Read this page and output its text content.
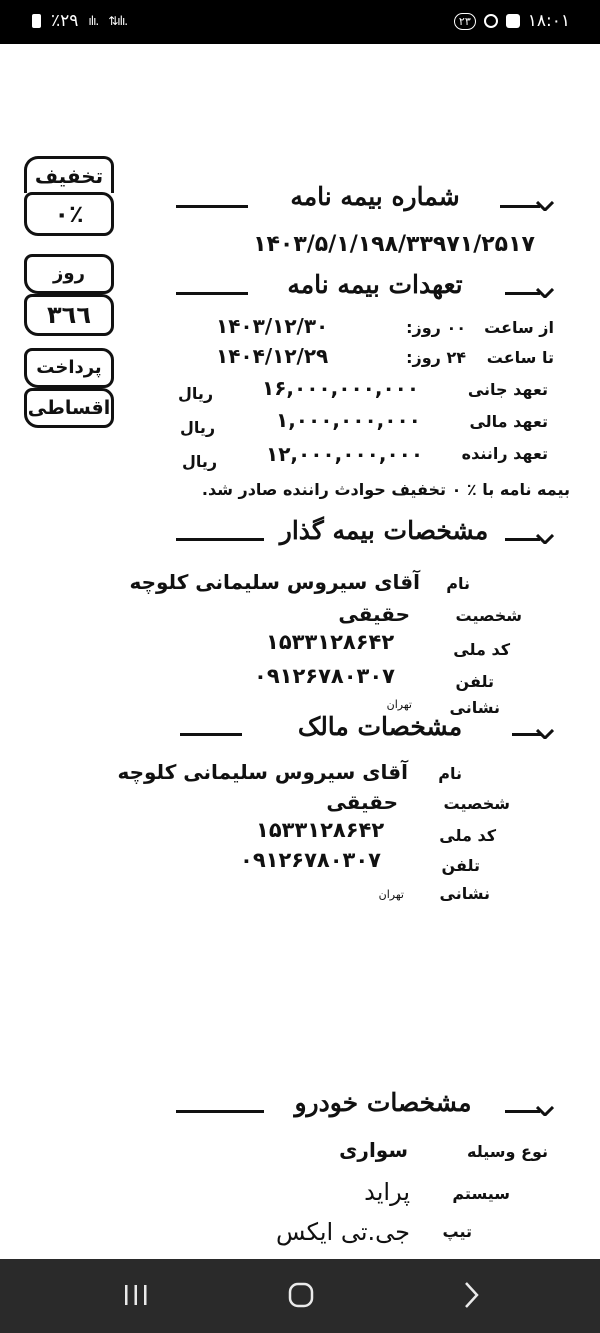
٪۲۹ ılı. ⇅ılı.	۲۳	۱۸:۰۱
تخفیف
۰٪
روز
٣٦٦
پرداخت
اقساطی
شماره بیمه نامه
۱۴۰۳/۵/۱/۱۹۸/۳۳۹۷۱/۲۵۱۷
تعهدات بیمه نامه
از ساعت
۰۰ روز:
۱۴۰۳/۱۲/۳۰
تا ساعت
۲۴ روز:
۱۴۰۴/۱۲/۲۹
تعهد جانی
۱۶,۰۰۰,۰۰۰,۰۰۰
ریال
تعهد مالی
۱,۰۰۰,۰۰۰,۰۰۰
ریال
تعهد راننده
۱۲,۰۰۰,۰۰۰,۰۰۰
ریال
بیمه نامه با ٪ ۰ تخفیف حوادث راننده صادر شد.
مشخصات بیمه گذار
نام
آقای سیروس سلیمانی کلوچه
شخصیت
حقیقی
کد ملی
۱۵۳۳۱۲۸۶۴۲
تلفن
۰۹۱۲۶۷۸۰۳۰۷
نشانی
تهران
مشخصات مالک
نام
آقای سیروس سلیمانی کلوچه
شخصیت
حقیقی
کد ملی
۱۵۳۳۱۲۸۶۴۲
تلفن
۰۹۱۲۶۷۸۰۳۰۷
نشانی
تهران
مشخصات خودرو
نوع وسیله
سواری
سیستم
پراید
تیپ
جی.تی ایکس
